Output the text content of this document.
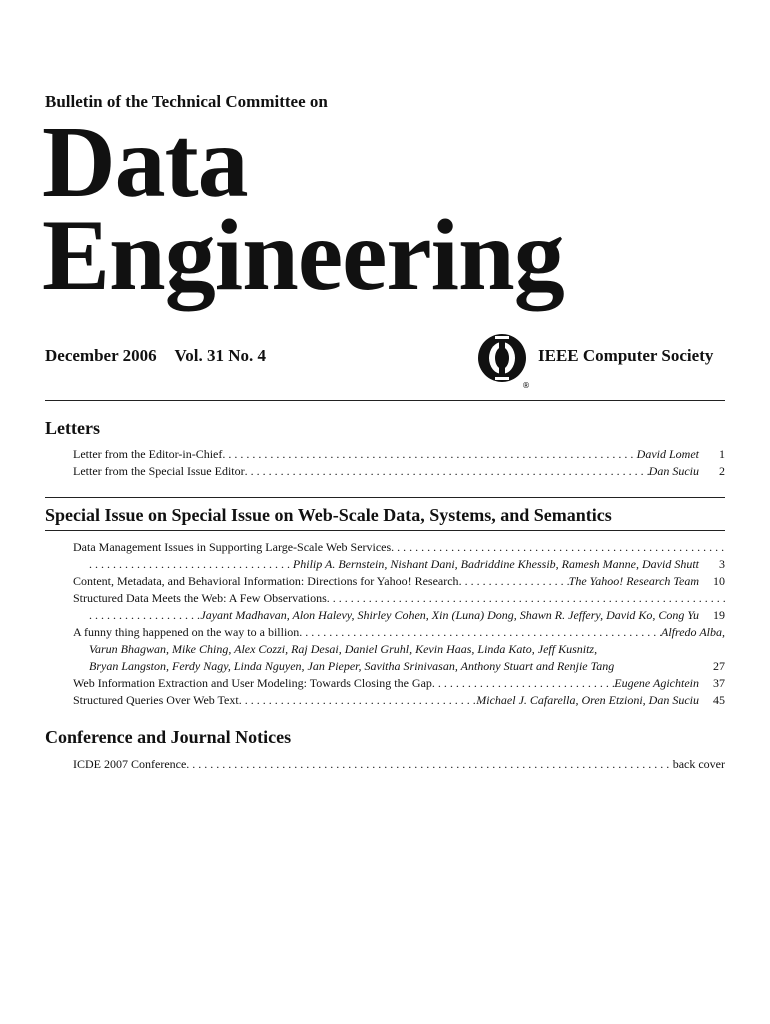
Bulletin of the Technical Committee on
Data
Engineering
December 2006 Vol. 31 No. 4
®
IEEE Computer Society
Letters
Letter from the Editor-in-Chief . . .	David Lomet	1
Letter from the Special Issue Editor . . .	Dan Suciu	2
Special Issue on Special Issue on Web-Scale Data, Systems, and Semantics
Data Management Issues in Supporting Large-Scale Web Services
. . .
. . .
Philip A. Bernstein, Nishant Dani, Badriddine Khessib, Ramesh Manne, David Shutt	3
Content, Metadata, and Behavioral Information: Directions for Yahoo! Research . . .	The Yahoo! Research Team	10
Structured Data Meets the Web: A Few Observations
. . .
. . .
Jayant Madhavan, Alon Halevy, Shirley Cohen, Xin (Luna) Dong, Shawn R. Jeffery, David Ko, Cong Yu	19
A funny thing happened on the way to a billion . . .	Alfredo Alba,
Varun Bhagwan, Mike Ching, Alex Cozzi, Raj Desai, Daniel Gruhl, Kevin Haas, Linda Kato, Jeff Kusnitz,
Bryan Langston, Ferdy Nagy, Linda Nguyen, Jan Pieper, Savitha Srinivasan, Anthony Stuart and Renjie Tang	27
Web Information Extraction and User Modeling: Towards Closing the Gap . . .	Eugene Agichtein	37
Structured Queries Over Web Text . . .	Michael J. Cafarella, Oren Etzioni, Dan Suciu	45
Conference and Journal Notices
ICDE 2007 Conference . . .	back cover
